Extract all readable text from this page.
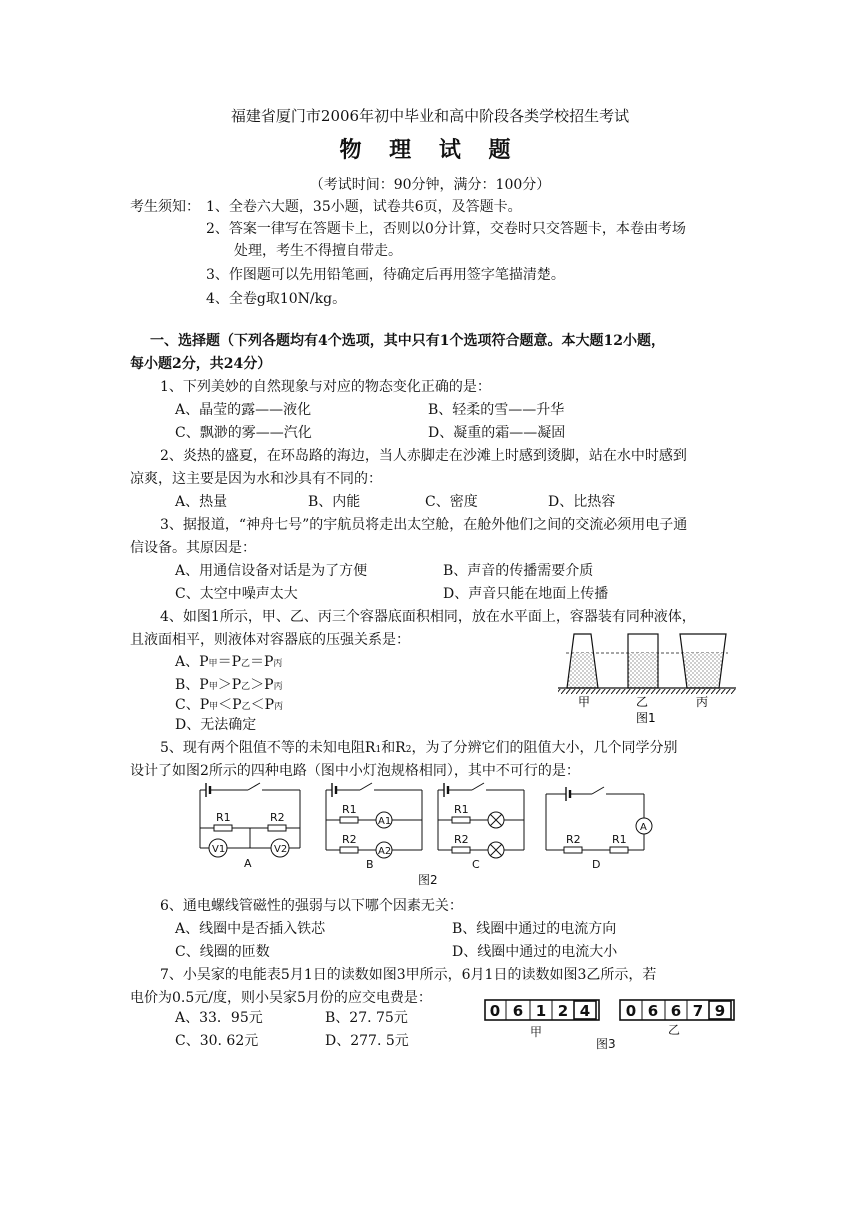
福建省厦门市2006年初中毕业和高中阶段各类学校招生考试
物 理 试 题
（考试时间：90分钟，满分：100分）
考生须知： 1、全卷六大题，35小题，试卷共6页，及答题卡。
2、答案一律写在答题卡上，否则以0分计算，交卷时只交答题卡，本卷由考场
处理，考生不得擅自带走。
3、作图题可以先用铅笔画，待确定后再用签字笔描清楚。
4、全卷g取10N/kg。
一、选择题（下列各题均有4个选项，其中只有1个选项符合题意。本大题12小题，
每小题2分，共24分）
1、下列美妙的自然现象与对应的物态变化正确的是：
A、晶莹的露——液化	B、轻柔的雪——升华
C、飘渺的雾——汽化	D、凝重的霜——凝固
2、炎热的盛夏，在环岛路的海边，当人赤脚走在沙滩上时感到烫脚，站在水中时感到
凉爽，这主要是因为水和沙具有不同的：
A、热量	B、内能	C、密度	D、比热容
3、据报道，“神舟七号”的宇航员将走出太空舱，在舱外他们之间的交流必须用电子通
信设备。其原因是：
A、用通信设备对话是为了方便	B、声音的传播需要介质
C、太空中噪声太大	D、声音只能在地面上传播
4、如图1所示，甲、乙、丙三个容器底面积相同，放在水平面上，容器装有同种液体，
且液面相平，则液体对容器底的压强关系是：
A、P甲＝P乙＝P丙
B、P甲＞P乙＞P丙
C、P甲＜P乙＜P丙
D、无法确定
甲	乙	丙
图1
5、现有两个阻值不等的未知电阻R1和R2，为了分辨它们的阻值大小，几个同学分别
设计了如图2所示的四种电路（图中小灯泡规格相同），其中不可行的是：
R1	R2
V1	V2
A
R1
R2
A1
A2
B
R1
R2
C
R2	R1
A
D
图2
6、通电螺线管磁性的强弱与以下哪个因素无关：
A、线圈中是否插入铁芯	B、线圈中通过的电流方向
C、线圈的匝数	D、线圈中通过的电流大小
7、小吴家的电能表5月1日的读数如图3甲所示，6月1日的读数如图3乙所示，若
电价为0.5元/度，则小吴家5月份的应交电费是：
A、33．95元	B、27. 75元
C、30. 62元	D、277. 5元
0 6 1 2 4 0 6 6 7 9
甲	乙
图3
